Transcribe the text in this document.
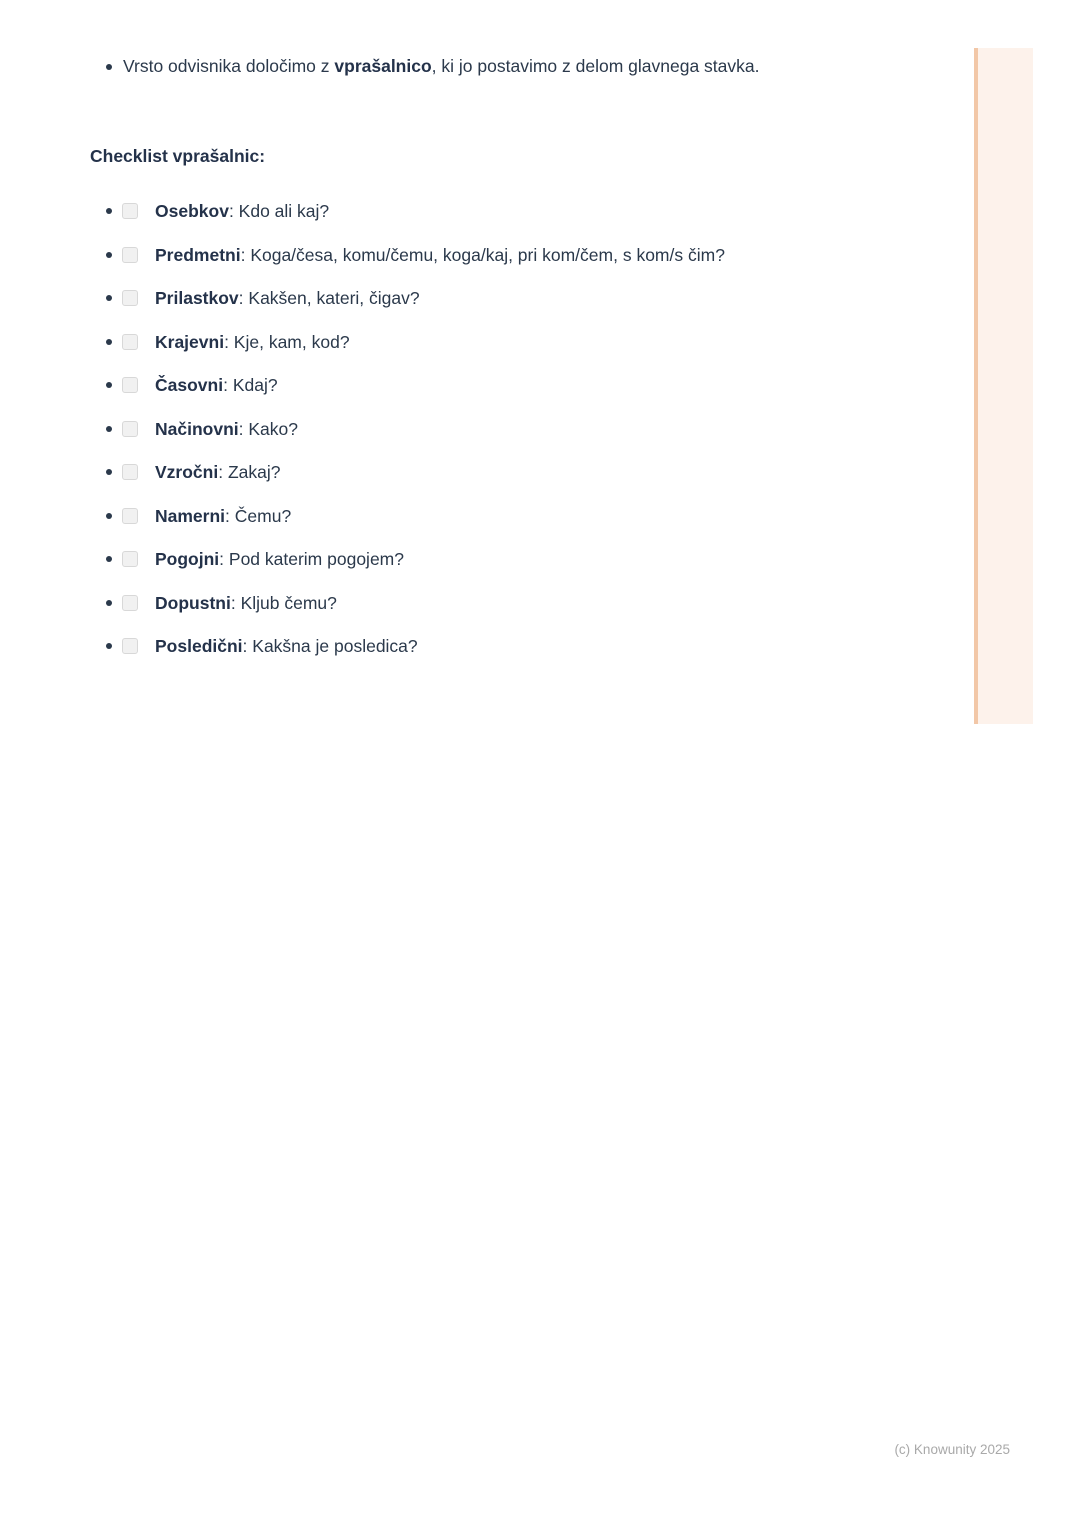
Vrsto odvisnika določimo z vprašalnico, ki jo postavimo z delom glavnega stavka.

Checklist vprašalnic:
Osebkov: Kdo ali kaj?
Predmetni: Koga/česa, komu/čemu, koga/kaj, pri kom/čem, s kom/s čim?
Prilastkov: Kakšen, kateri, čigav?
Krajevni: Kje, kam, kod?
Časovni: Kdaj?
Načinovni: Kako?
Vzročni: Zakaj?
Namerni: Čemu?
Pogojni: Pod katerim pogojem?
Dopustni: Kljub čemu?
Posledični: Kakšna je posledica?
(c) Knowunity 2025
